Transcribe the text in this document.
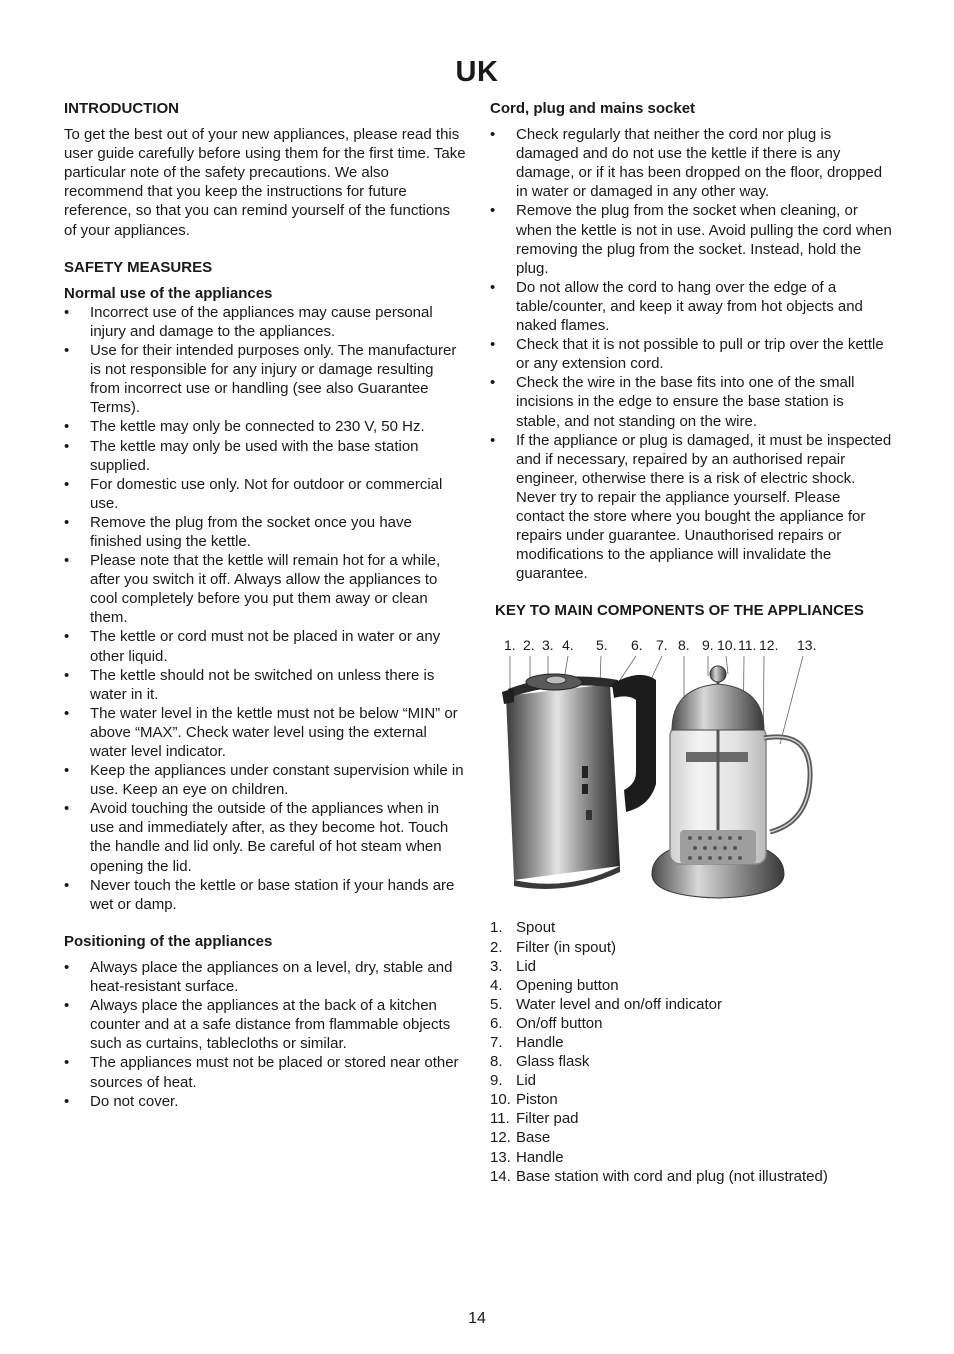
UK
INTRODUCTION

To get the best out of your new appliances, please read this user guide carefully before using them for the first time. Take particular note of the safety precautions. We also recommend that you keep the instructions for future reference, so that you can remind yourself of the functions of your appliances.

SAFETY MEASURES
Normal use of the appliances
• Incorrect use of the appliances may cause personal injury and damage to the appliances.
• Use for their intended purposes only. The manufacturer is not responsible for any injury or damage resulting from incorrect use or handling (see also Guarantee Terms).
• The kettle may only be connected to 230 V, 50 Hz.
• The kettle may only be used with the base station supplied.
• For domestic use only. Not for outdoor or commercial use.
• Remove the plug from the socket once you have finished using the kettle.
• Please note that the kettle will remain hot for a while, after you switch it off. Always allow the appliances to cool completely before you put them away or clean them.
• The kettle or cord must not be placed in water or any other liquid.
• The kettle should not be switched on unless there is water in it.
• The water level in the kettle must not be below “MIN” or above “MAX”. Check water level using the external water level indicator.
• Keep the appliances under constant supervision while in use. Keep an eye on children.
• Avoid touching the outside of the appliances when in use and immediately after, as they become hot. Touch the handle and lid only. Be careful of hot steam when opening the lid.
• Never touch the kettle or base station if your hands are wet or damp.
Positioning of the appliances
• Always place the appliances on a level, dry, stable and heat-resistant surface.
• Always place the appliances at the back of a kitchen counter and at a safe distance from flammable objects such as curtains, tablecloths or similar.
• The appliances must not be placed or stored near other sources of heat.
• Do not cover.
Cord, plug and mains socket
• Check regularly that neither the cord nor plug is damaged and do not use the kettle if there is any damage, or if it has been dropped on the floor, dropped in water or damaged in any other way.
• Remove the plug from the socket when cleaning, or when the kettle is not in use. Avoid pulling the cord when removing the plug from the socket. Instead, hold the plug.
• Do not allow the cord to hang over the edge of a table/counter, and keep it away from hot objects and naked flames.
• Check that it is not possible to pull or trip over the kettle or any extension cord.
• Check the wire in the base fits into one of the small incisions in the edge to ensure the base station is stable, and not standing on the wire.
• If the appliance or plug is damaged, it must be inspected and if necessary, repaired by an authorised repair engineer, otherwise there is a risk of electric shock. Never try to repair the appliance yourself. Please contact the store where you bought the appliance for repairs under guarantee. Unauthorised repairs or modifications to the appliance will invalidate the guarantee.
KEY TO MAIN COMPONENTS OF THE APPLIANCES
1. 2. 3. 4. 5. 6. 7. 8. 9. 10. 11. 12. 13.
1. Spout
2. Filter (in spout)
3. Lid
4. Opening button
5. Water level and on/off indicator
6. On/off button
7. Handle
8. Glass flask
9. Lid
10. Piston
11. Filter pad
12. Base
13. Handle
14. Base station with cord and plug (not illustrated)
14
